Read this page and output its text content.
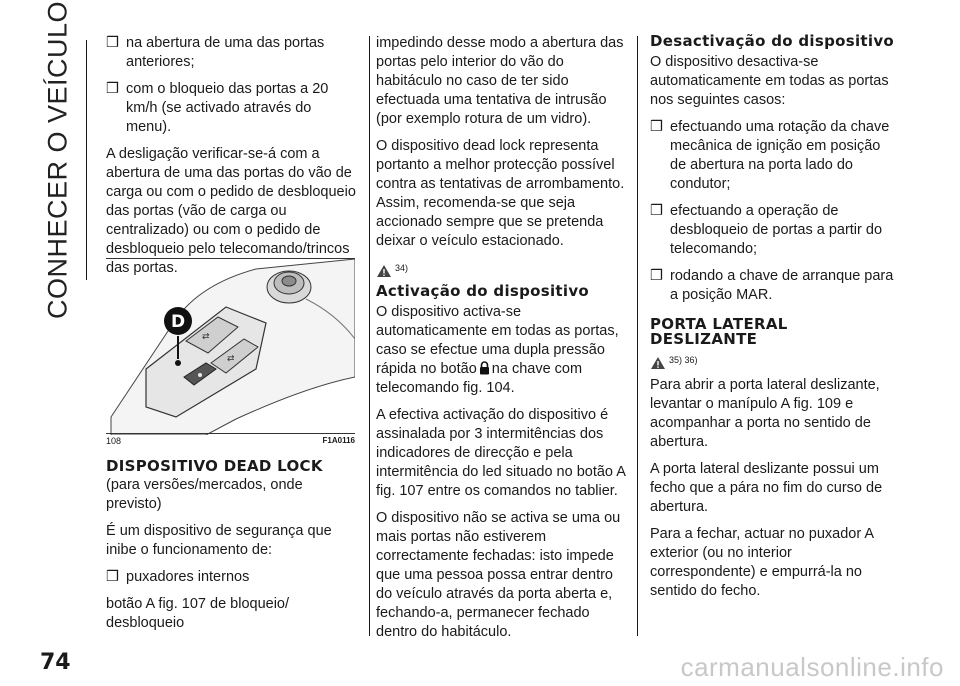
CONHECER O VEÍCULO ❒ na abertura de uma das portas anteriores;
❒ com o bloqueio das portas a 20 km/h (se activado através do menu).

A desligação verificar-se-á com a abertura de uma das portas do vão de carga ou com o pedido de desbloqueio das portas (vão de carga ou centralizado) ou com o pedido de desbloqueio pelo telecomando/trincos das portas.

⇄
⇄
D
108	F1A0116
DISPOSITIVO DEAD LOCK

(para versões/mercados, onde previsto)

É um dispositivo de segurança que inibe o funcionamento de:

❒ puxadores internos

botão A fig. 107 de bloqueio/ desbloqueio

impedindo desse modo a abertura das portas pelo interior do vão do habitáculo no caso de ter sido efectuada uma tentativa de intrusão (por exemplo rotura de um vidro).

O dispositivo dead lock representa portanto a melhor protecção possível contra as tentativas de arrombamento. Assim, recomenda-se que seja accionado sempre que se pretenda deixar o veículo estacionado.

34)
Activação do dispositivo

O dispositivo activa-se automaticamente em todas as portas, caso se efectue uma dupla pressão rápida no botão na chave com telecomando fig. 104.

A efectiva activação do dispositivo é assinalada por 3 intermitências dos indicadores de direcção e pela intermitência do led situado no botão A fig. 107 entre os comandos no tablier.

O dispositivo não se activa se uma ou mais portas não estiverem correctamente fechadas: isto impede que uma pessoa possa entrar dentro do veículo através da porta aberta e, fechando-a, permanecer fechado dentro do habitáculo.

Desactivação do dispositivo

O dispositivo desactiva-se automaticamente em todas as portas nos seguintes casos:

❒ efectuando uma rotação da chave mecânica de ignição em posição de abertura na porta lado do condutor;
❒ efectuando a operação de desbloqueio de portas a partir do telecomando;
❒ rodando a chave de arranque para a posição MAR.
PORTA LATERAL DESLIZANTE
35) 36)

Para abrir a porta lateral deslizante, levantar o manípulo A fig. 109 e acompanhar a porta no sentido de abertura.

A porta lateral deslizante possui um fecho que a pára no fim do curso de abertura.

Para a fechar, actuar no puxador A exterior (ou no interior correspondente) e empurrá-la no sentido do fecho.

74	carmanualsonline.info
